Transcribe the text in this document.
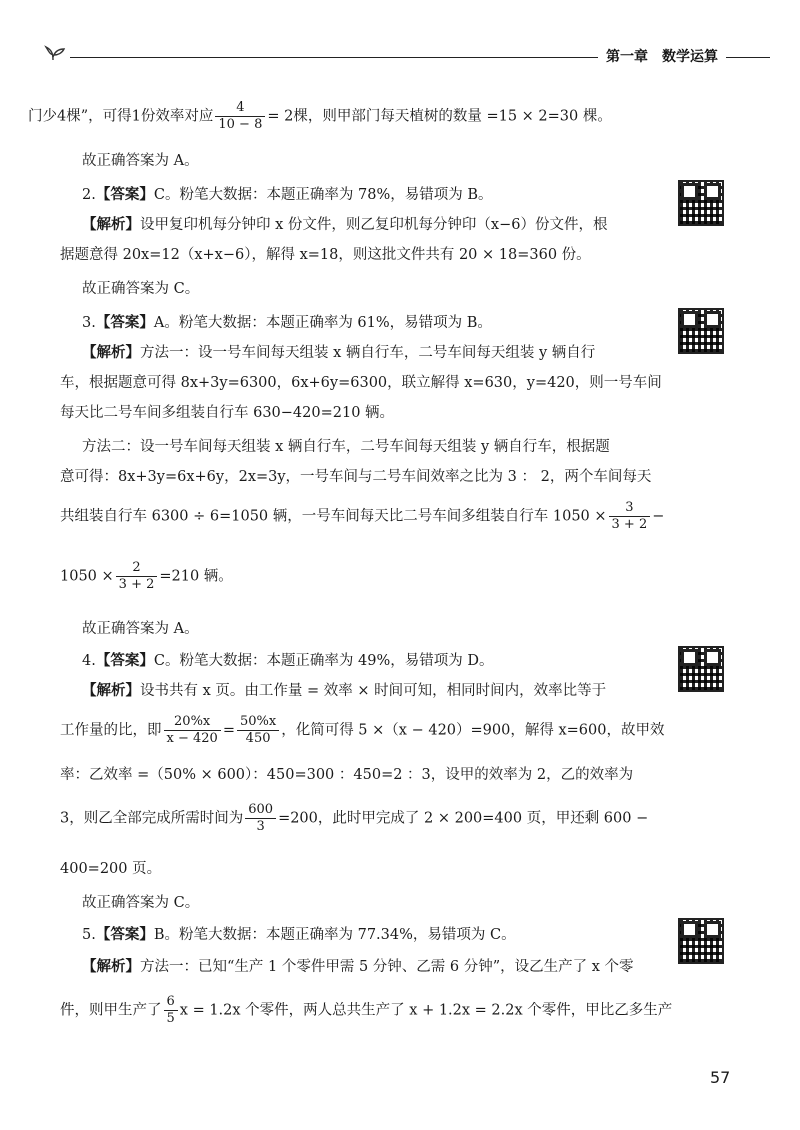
第一章　数学运算
门少4棵”，可得1份效率对应 $\frac{4}{10 - 8} = 2$棵，则甲部门每天植树的数量 =15 × 2=30 棵。
故正确答案为 A。
2.【答案】C。粉笔大数据：本题正确率为 78%，易错项为 B。
【解析】设甲复印机每分钟印 x 份文件，则乙复印机每分钟印（x−6）份文件，根
据题意得 20x=12（x+x−6），解得 x=18，则这批文件共有 20 × 18=360 份。
故正确答案为 C。
3.【答案】A。粉笔大数据：本题正确率为 61%，易错项为 B。
【解析】方法一：设一号车间每天组装 x 辆自行车，二号车间每天组装 y 辆自行
车，根据题意可得 8x+3y=6300，6x+6y=6300，联立解得 x=630，y=420，则一号车间
每天比二号车间多组装自行车 630−420=210 辆。
方法二：设一号车间每天组装 x 辆自行车，二号车间每天组装 y 辆自行车，根据题
意可得：8x+3y=6x+6y，2x=3y，一号车间与二号车间效率之比为 3 ： 2，两个车间每天
共组装自行车 6300 ÷ 6=1050 辆，一号车间每天比二号车间多组装自行车 $1050 \times \frac{3}{3 + 2}$ −
$1050 \times \frac{2}{3 + 2} =210$ 辆。
故正确答案为 A。
4.【答案】C。粉笔大数据：本题正确率为 49%，易错项为 D。
【解析】设书共有 x 页。由工作量 = 效率 × 时间可知，相同时间内，效率比等于
工作量的比，即 $\frac{20\%x}{x - 420} = \frac{50\%x}{450}$ ，化简可得 5 ×（x − 420）=900，解得 x=600，故甲效
率：乙效率 =（50% × 600）：450=300 ：450=2 ：3，设甲的效率为 2，乙的效率为
3，则乙全部完成所需时间为 $\frac{600}{3} =200$，此时甲完成了 2 × 200=400 页，甲还剩 600 −
400=200 页。
故正确答案为 C。
5.【答案】B。粉笔大数据：本题正确率为 77.34%，易错项为 C。
【解析】方法一：已知“生产 1 个零件甲需 5 分钟、乙需 6 分钟”，设乙生产了 x 个零
件，则甲生产了 $\frac{6}{5}$ x = 1.2x 个零件，两人总共生产了 x + 1.2x = 2.2x 个零件，甲比乙多生产
57
